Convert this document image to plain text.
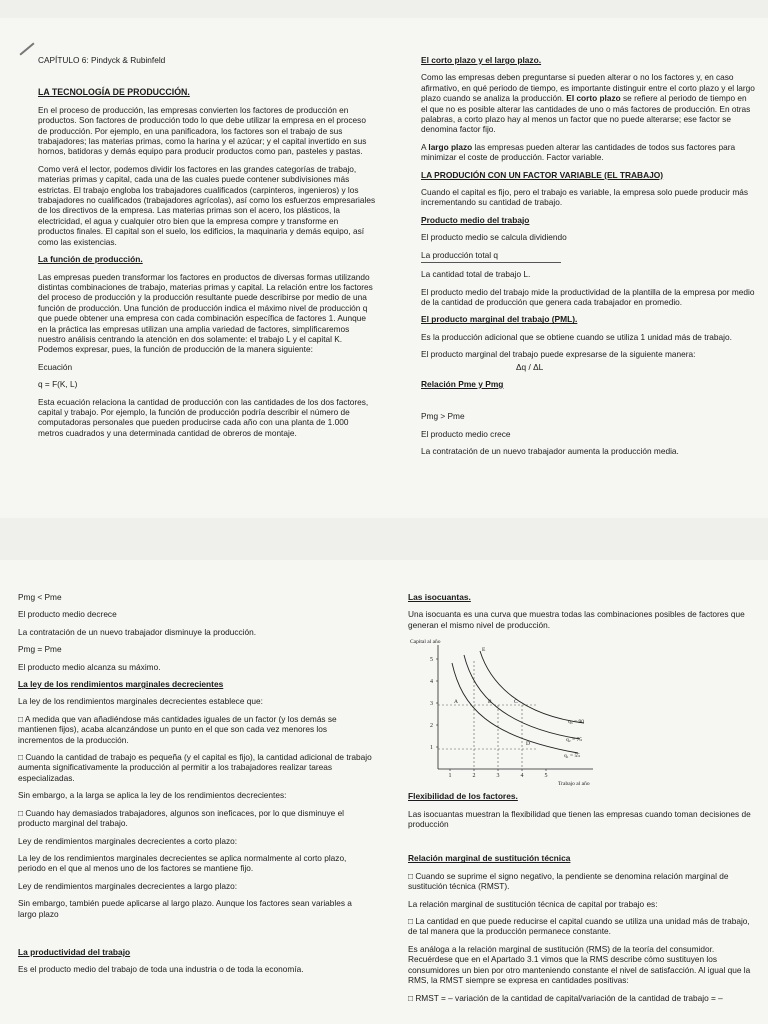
CAPÍTULO 6: Pindyck & Rubinfeld

LA TECNOLOGÍA DE PRODUCCIÓN.

En el proceso de producción, las empresas convierten los factores de producción en productos. Son factores de producción todo lo que debe utilizar la empresa en el proceso de producción. Por ejemplo, en una panificadora, los factores son el trabajo de sus trabajadores; las materias primas, como la harina y el azúcar; y el capital invertido en sus hornos, batidoras y demás equipo para producir productos como pan, pasteles y pastas.

Como verá el lector, podemos dividir los factores en las grandes categorías de trabajo, materias primas y capital, cada una de las cuales puede contener subdivisiones más estrictas. El trabajo engloba los trabajadores cualificados (carpinteros, ingenieros) y los trabajadores no cualificados (trabajadores agrícolas), así como los esfuerzos empresariales de los directivos de la empresa. Las materias primas son el acero, los plásticos, la electricidad, el agua y cualquier otro bien que la empresa compre y transforme en productos finales. El capital son el suelo, los edificios, la maquinaria y demás equipo, así como las existencias.

La función de producción.

Las empresas pueden transformar los factores en productos de diversas formas utilizando distintas combinaciones de trabajo, materias primas y capital. La relación entre los factores del proceso de producción y la producción resultante puede describirse por medio de una función de producción. Una función de producción indica el máximo nivel de producción q que puede obtener una empresa con cada combinación específica de factores 1. Aunque en la práctica las empresas utilizan una amplia variedad de factores, simplificaremos nuestro análisis centrando la atención en dos solamente: el trabajo L y el capital K. Podemos expresar, pues, la función de producción de la manera siguiente:

Ecuación

q = F(K, L)

Esta ecuación relaciona la cantidad de producción con las cantidades de los dos factores, capital y trabajo. Por ejemplo, la función de producción podría describir el número de computadoras personales que pueden producirse cada año con una planta de 1.000 metros cuadrados y una determinada cantidad de obreros de montaje.

El corto plazo y el largo plazo.

Como las empresas deben preguntarse si pueden alterar o no los factores y, en caso afirmativo, en qué periodo de tiempo, es importante distinguir entre el corto plazo y el largo plazo cuando se analiza la producción. El corto plazo se refiere al periodo de tiempo en el que no es posible alterar las cantidades de uno o más factores de producción. En otras palabras, a corto plazo hay al menos un factor que no puede alterarse; ese factor se denomina factor fijo.

A largo plazo las empresas pueden alterar las cantidades de todos sus factores para minimizar el coste de producción. Factor variable.

LA PRODUCIÓN CON UN FACTOR VARIABLE (EL TRABAJO)

Cuando el capital es fijo, pero el trabajo es variable, la empresa solo puede producir más incrementando su cantidad de trabajo.

Producto medio del trabajo

El producto medio se calcula dividiendo

La producción total q

La cantidad total de trabajo L.

El producto medio del trabajo mide la productividad de la plantilla de la empresa por medio de la cantidad de producción que genera cada trabajador en promedio.

El producto marginal del trabajo (PML).

Es la producción adicional que se obtiene cuando se utiliza 1 unidad más de trabajo.

El producto marginal del trabajo puede expresarse de la siguiente manera:

Δq / ΔL

Relación Pme y Pmg

Pmg > Pme

El producto medio crece

La contratación de un nuevo trabajador aumenta la producción media.

Pmg < Pme

El producto medio decrece

La contratación de un nuevo trabajador disminuye la producción.

Pmg = Pme

El producto medio alcanza su máximo.

La ley de los rendimientos marginales decrecientes

La ley de los rendimientos marginales decrecientes establece que:

□ A medida que van añadiéndose más cantidades iguales de un factor (y los demás se mantienen fijos), acaba alcanzándose un punto en el que son cada vez menores los incrementos de la producción.

□ Cuando la cantidad de trabajo es pequeña (y el capital es fijo), la cantidad adicional de trabajo aumenta significativamente la producción al permitir a los trabajadores realizar tareas especializadas.

Sin embargo, a la larga se aplica la ley de los rendimientos decrecientes:

□ Cuando hay demasiados trabajadores, algunos son ineficaces, por lo que disminuye el producto marginal del trabajo.

Ley de rendimientos marginales decrecientes a corto plazo:

La ley de los rendimientos marginales decrecientes se aplica normalmente al corto plazo, periodo en el que al menos uno de los factores se mantiene fijo.

Ley de rendimientos marginales decrecientes a largo plazo:

Sin embargo, también puede aplicarse al largo plazo. Aunque los factores sean variables a largo plazo

La productividad del trabajo

Es el producto medio del trabajo de toda una industria o de toda la economía.

Las isocuantas.

Una isocuanta es una curva que muestra todas las combinaciones posibles de factores que generan el mismo nivel de producción.

Capital al año
Trabajo al año
1
2
3
4
5
1	2	3	4	5
A	B	C
D
E
q₁ = 55
q₂ = 75
q₃ = 90
Flexibilidad de los factores.

Las isocuantas muestran la flexibilidad que tienen las empresas cuando toman decisiones de producción

Relación marginal de sustitución técnica

□ Cuando se suprime el signo negativo, la pendiente se denomina relación marginal de sustitución técnica (RMST).

La relación marginal de sustitución técnica de capital por trabajo es:

□ La cantidad en que puede reducirse el capital cuando se utiliza una unidad más de trabajo, de tal manera que la producción permanece constante.

Es análoga a la relación marginal de sustitución (RMS) de la teoría del consumidor. Recuérdese que en el Apartado 3.1 vimos que la RMS describe cómo sustituyen los consumidores un bien por otro manteniendo constante el nivel de satisfacción. Al igual que la RMS, la RMST siempre se expresa en cantidades positivas:

□ RMST = – variación de la cantidad de capital/variación de la cantidad de trabajo = –
